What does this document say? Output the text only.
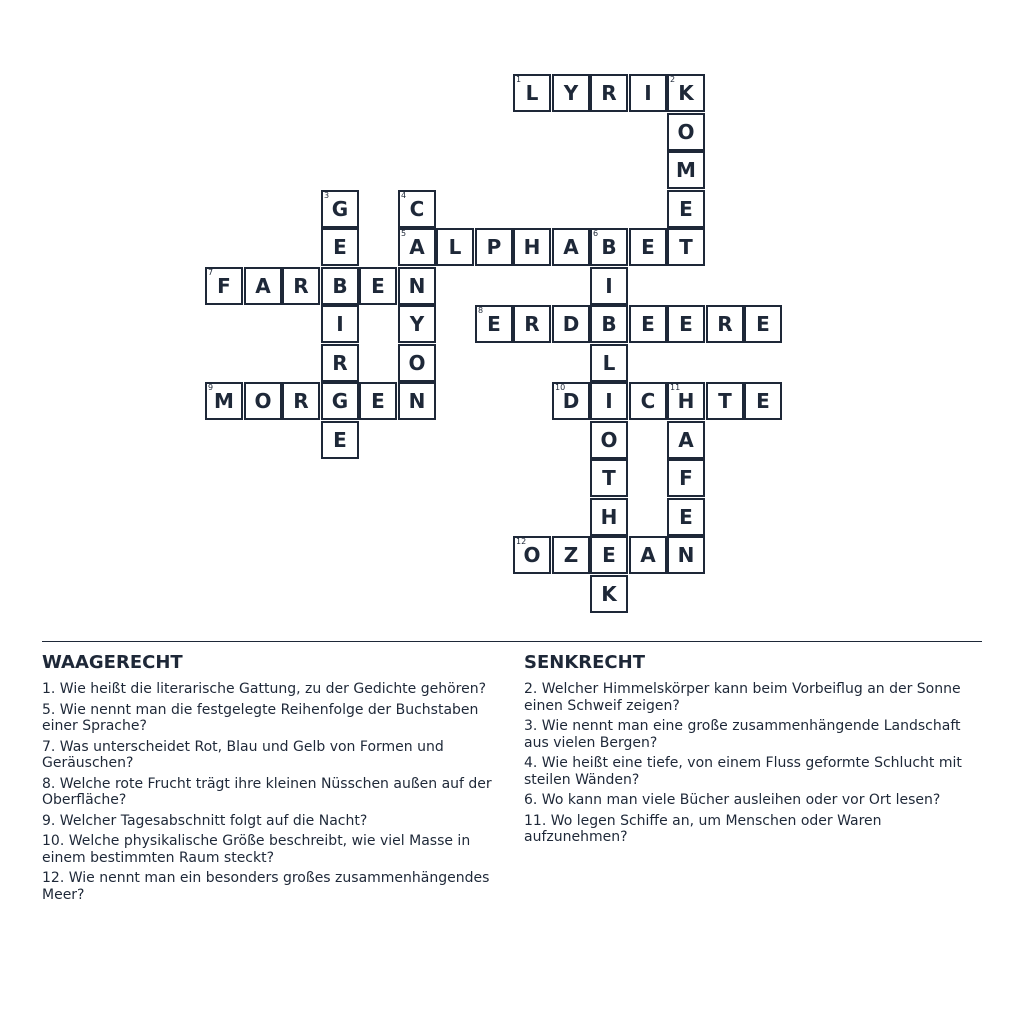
1
L Y R I
2
K
O
M
E
T
3
G
E
B
I
R
G
E
4
C
5
A
N
Y
O
N
L P H A
6
B E
I
B
L
I
O
T
H
E
K
7
F A R	E
8
E R D	E E R E
9
M O R	E
10
D	C
11
H T E
A
F
E
N
12
O Z	A
WAAGERECHT

1. Wie heißt die literarische Gattung, zu der Gedichte gehören?

5. Wie nennt man die festgelegte Reihenfolge der Buchstaben einer Sprache?

7. Was unterscheidet Rot, Blau und Gelb von Formen und Geräuschen?

8. Welche rote Frucht trägt ihre kleinen Nüsschen außen auf der Oberfläche?

9. Welcher Tagesabschnitt folgt auf die Nacht?

10. Welche physikalische Größe beschreibt, wie viel Masse in einem bestimmten Raum steckt?

12. Wie nennt man ein besonders großes zusammenhängendes Meer?

SENKRECHT

2. Welcher Himmelskörper kann beim Vorbeiflug an der Sonne einen Schweif zeigen?

3. Wie nennt man eine große zusammenhängende Landschaft aus vielen Bergen?

4. Wie heißt eine tiefe, von einem Fluss geformte Schlucht mit steilen Wänden?

6. Wo kann man viele Bücher ausleihen oder vor Ort lesen?

11. Wo legen Schiffe an, um Menschen oder Waren aufzunehmen?
